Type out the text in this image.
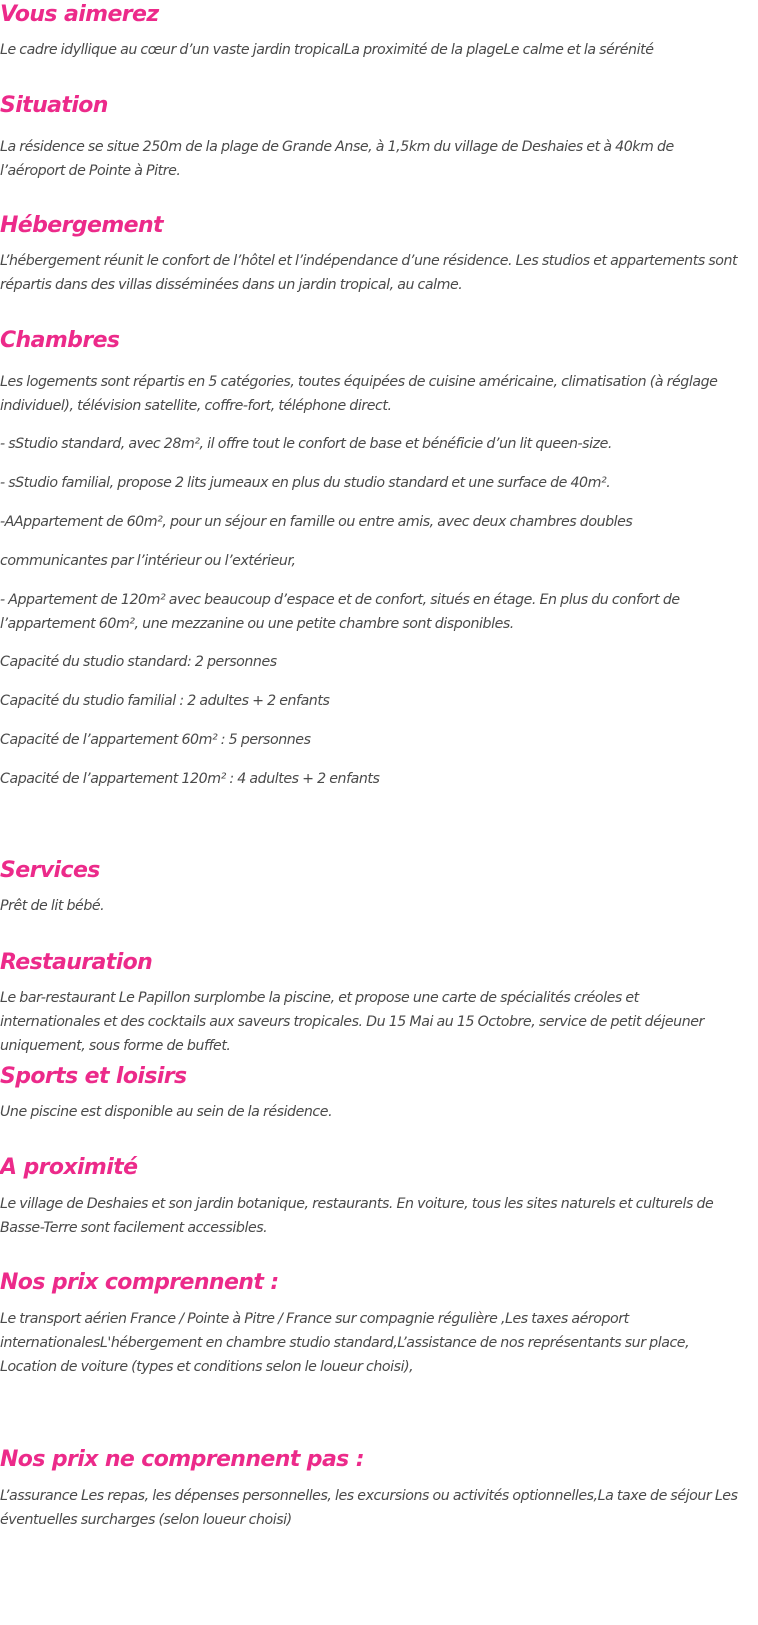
Vous aimerez

Le cadre idyllique au cœur d’un vaste jardin tropicalLa proximité de la plageLe calme et la sérénité

Situation

La résidence se situe 250m de la plage de Grande Anse, à 1,5km du village de Deshaies et à 40km de l’aéroport de Pointe à Pitre.

Hébergement

L’hébergement réunit le confort de l’hôtel et l’indépendance d’une résidence. Les studios et appartements sont répartis dans des villas disséminées dans un jardin tropical, au calme.

Chambres

Les logements sont répartis en 5 catégories, toutes équipées de cuisine américaine, climatisation (à réglage individuel), télévision satellite, coffre-fort, téléphone direct.

- sStudio standard, avec 28m², il offre tout le confort de base et bénéficie d’un lit queen-size.

- sStudio familial, propose 2 lits jumeaux en plus du studio standard et une surface de 40m².

-AAppartement de 60m², pour un séjour en famille ou entre amis, avec deux chambres doubles

communicantes par l’intérieur ou l’extérieur,

- Appartement de 120m² avec beaucoup d’espace et de confort, situés en étage. En plus du confort de l’appartement 60m², une mezzanine ou une petite chambre sont disponibles.

Capacité du studio standard: 2 personnes

Capacité du studio familial : 2 adultes + 2 enfants

Capacité de l’appartement 60m² : 5 personnes

Capacité de l’appartement 120m² : 4 adultes + 2 enfants

Services

Prêt de lit bébé.

Restauration

Le bar-restaurant Le Papillon surplombe la piscine, et propose une carte de spécialités créoles et internationales et des cocktails aux saveurs tropicales. Du 15 Mai au 15 Octobre, service de petit déjeuner uniquement, sous forme de buffet.

Sports et loisirs

Une piscine est disponible au sein de la résidence.

A proximité

Le village de Deshaies et son jardin botanique, restaurants. En voiture, tous les sites naturels et culturels de Basse-Terre sont facilement accessibles.

Nos prix comprennent :

Le transport aérien France / Pointe à Pitre / France sur compagnie régulière ,Les taxes aéroport internationalesL'hébergement en chambre studio standard,L’assistance de nos représentants sur place, Location de voiture (types et conditions selon le loueur choisi),

Nos prix ne comprennent pas :

L’assurance Les repas, les dépenses personnelles, les excursions ou activités optionnelles,La taxe de séjour Les éventuelles surcharges (selon loueur choisi)
